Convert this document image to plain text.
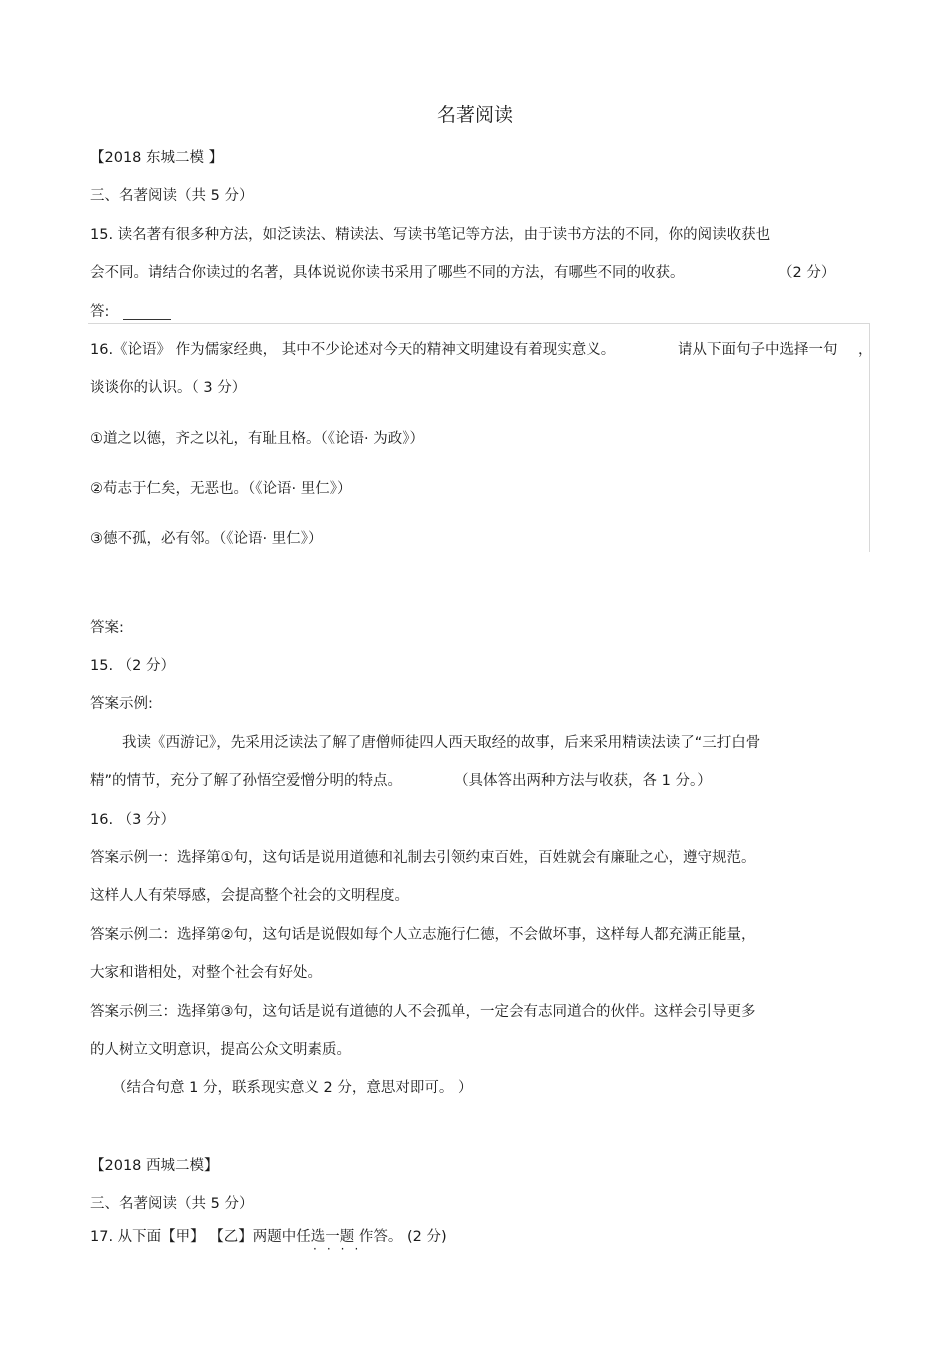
名著阅读
【2018 东城二模 】
三、名著阅读（共 5 分）
15. 读名著有很多种方法，如泛读法、精读法、写读书笔记等方法，由于读书方法的不同，你的阅读收获也
会不同。请结合你读过的名著，具体说说你读书采用了哪些不同的方法，有哪些不同的收获。	（2 分）
答:
16.《论语》 作为儒家经典， 其中不少论述对今天的精神文明建设有着现实意义。	请从下面句子中选择一句 ，
谈谈你的认识。（ 3 分）
①道之以德，齐之以礼，有耻且格。（《论语· 为政》）
②苟志于仁矣，无恶也。（《论语· 里仁》）
③德不孤，必有邻。（《论语· 里仁》）
答案:
15. （2 分）
答案示例:
我读《西游记》，先采用泛读法了解了唐僧师徒四人西天取经的故事，后来采用精读法读了“三打白骨
精”的情节，充分了解了孙悟空爱憎分明的特点。	（具体答出两种方法与收获，各 1 分。）
16. （3 分）
答案示例一：选择第①句，这句话是说用道德和礼制去引领约束百姓，百姓就会有廉耻之心，遵守规范。
这样人人有荣辱感，会提高整个社会的文明程度。
答案示例二：选择第②句，这句话是说假如每个人立志施行仁德，不会做坏事，这样每人都充满正能量，
大家和谐相处，对整个社会有好处。
答案示例三：选择第③句，这句话是说有道德的人不会孤单，一定会有志同道合的伙伴。这样会引导更多
的人树立文明意识，提高公众文明素质。
（结合句意 1 分，联系现实意义 2 分，意思对即可。 ）
【2018 西城二模】
三、名著阅读（共 5 分）
17. 从下面【甲】 【乙】两题中任选一题 作答。 (2 分)
····
